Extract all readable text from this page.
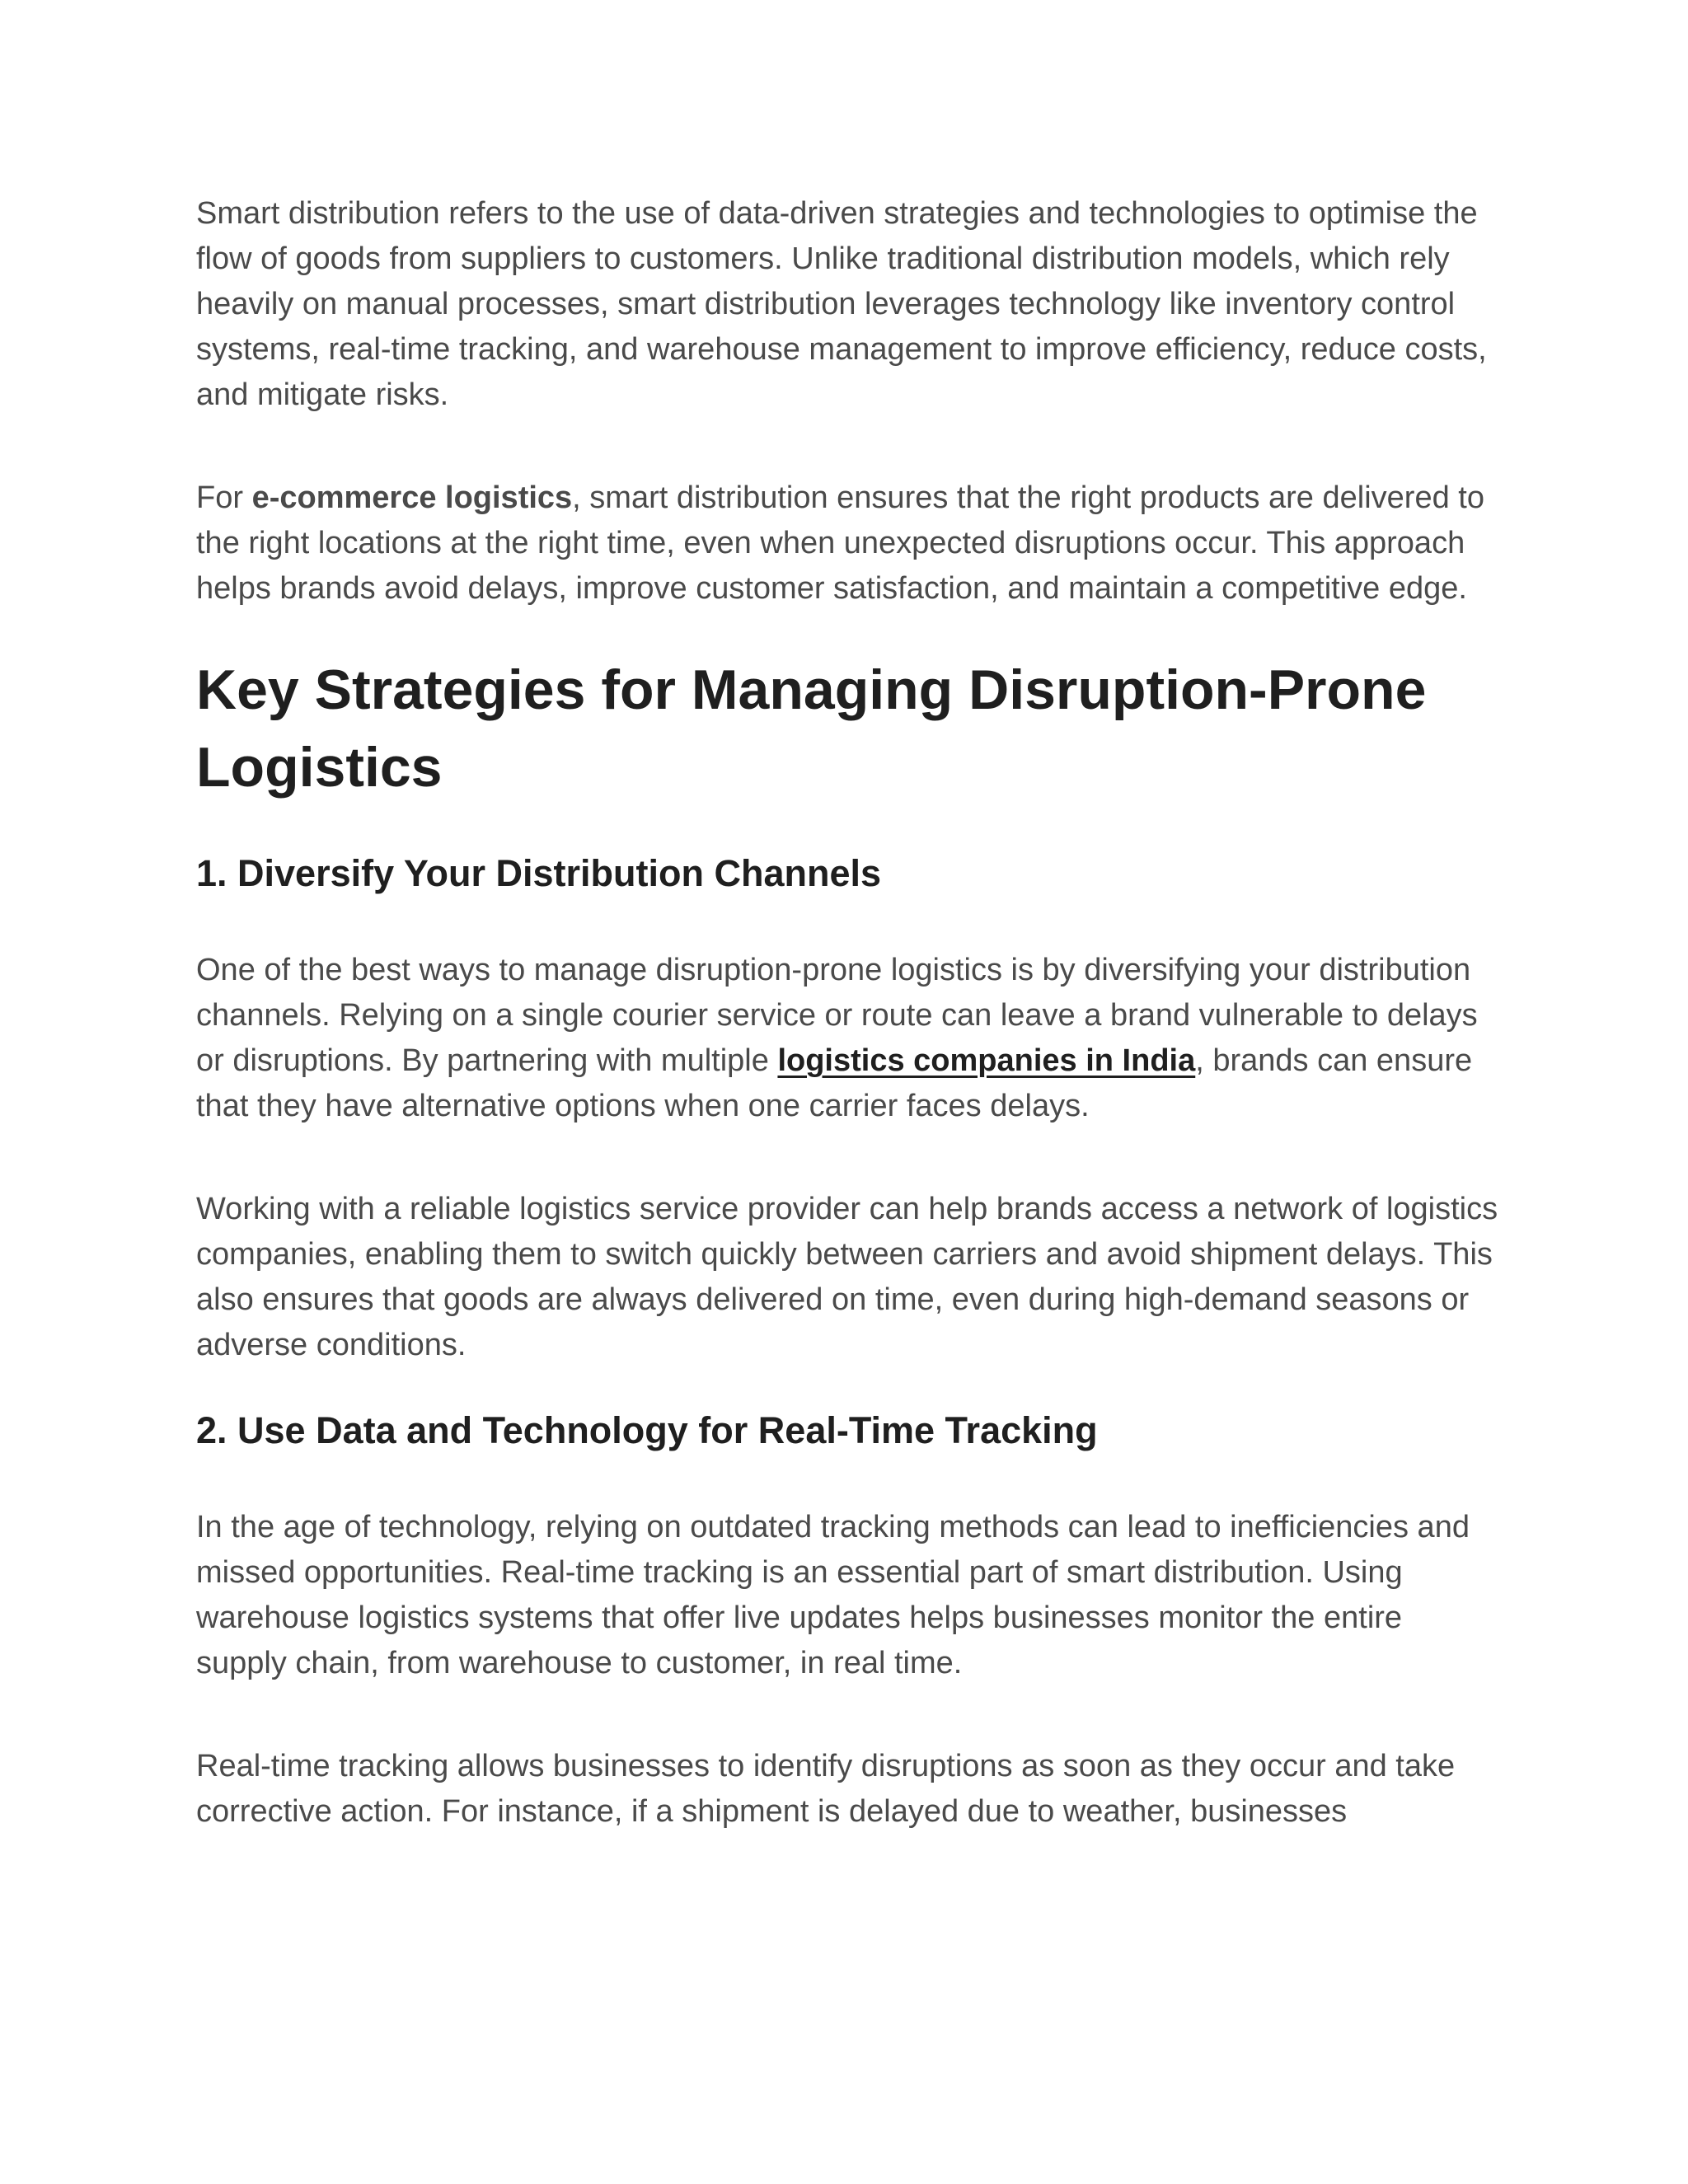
Smart distribution refers to the use of data-driven strategies and technologies to optimise the flow of goods from suppliers to customers. Unlike traditional distribution models, which rely heavily on manual processes, smart distribution leverages technology like inventory control systems, real-time tracking, and warehouse management to improve efficiency, reduce costs, and mitigate risks.

For e-commerce logistics, smart distribution ensures that the right products are delivered to the right locations at the right time, even when unexpected disruptions occur. This approach helps brands avoid delays, improve customer satisfaction, and maintain a competitive edge.

Key Strategies for Managing Disruption-Prone Logistics
1. Diversify Your Distribution Channels

One of the best ways to manage disruption-prone logistics is by diversifying your distribution channels. Relying on a single courier service or route can leave a brand vulnerable to delays or disruptions. By partnering with multiple logistics companies in India, brands can ensure that they have alternative options when one carrier faces delays.

Working with a reliable logistics service provider can help brands access a network of logistics companies, enabling them to switch quickly between carriers and avoid shipment delays. This also ensures that goods are always delivered on time, even during high-demand seasons or adverse conditions.

2. Use Data and Technology for Real-Time Tracking

In the age of technology, relying on outdated tracking methods can lead to inefficiencies and missed opportunities. Real-time tracking is an essential part of smart distribution. Using warehouse logistics systems that offer live updates helps businesses monitor the entire supply chain, from warehouse to customer, in real time.

Real-time tracking allows businesses to identify disruptions as soon as they occur and take corrective action. For instance, if a shipment is delayed due to weather, businesses
